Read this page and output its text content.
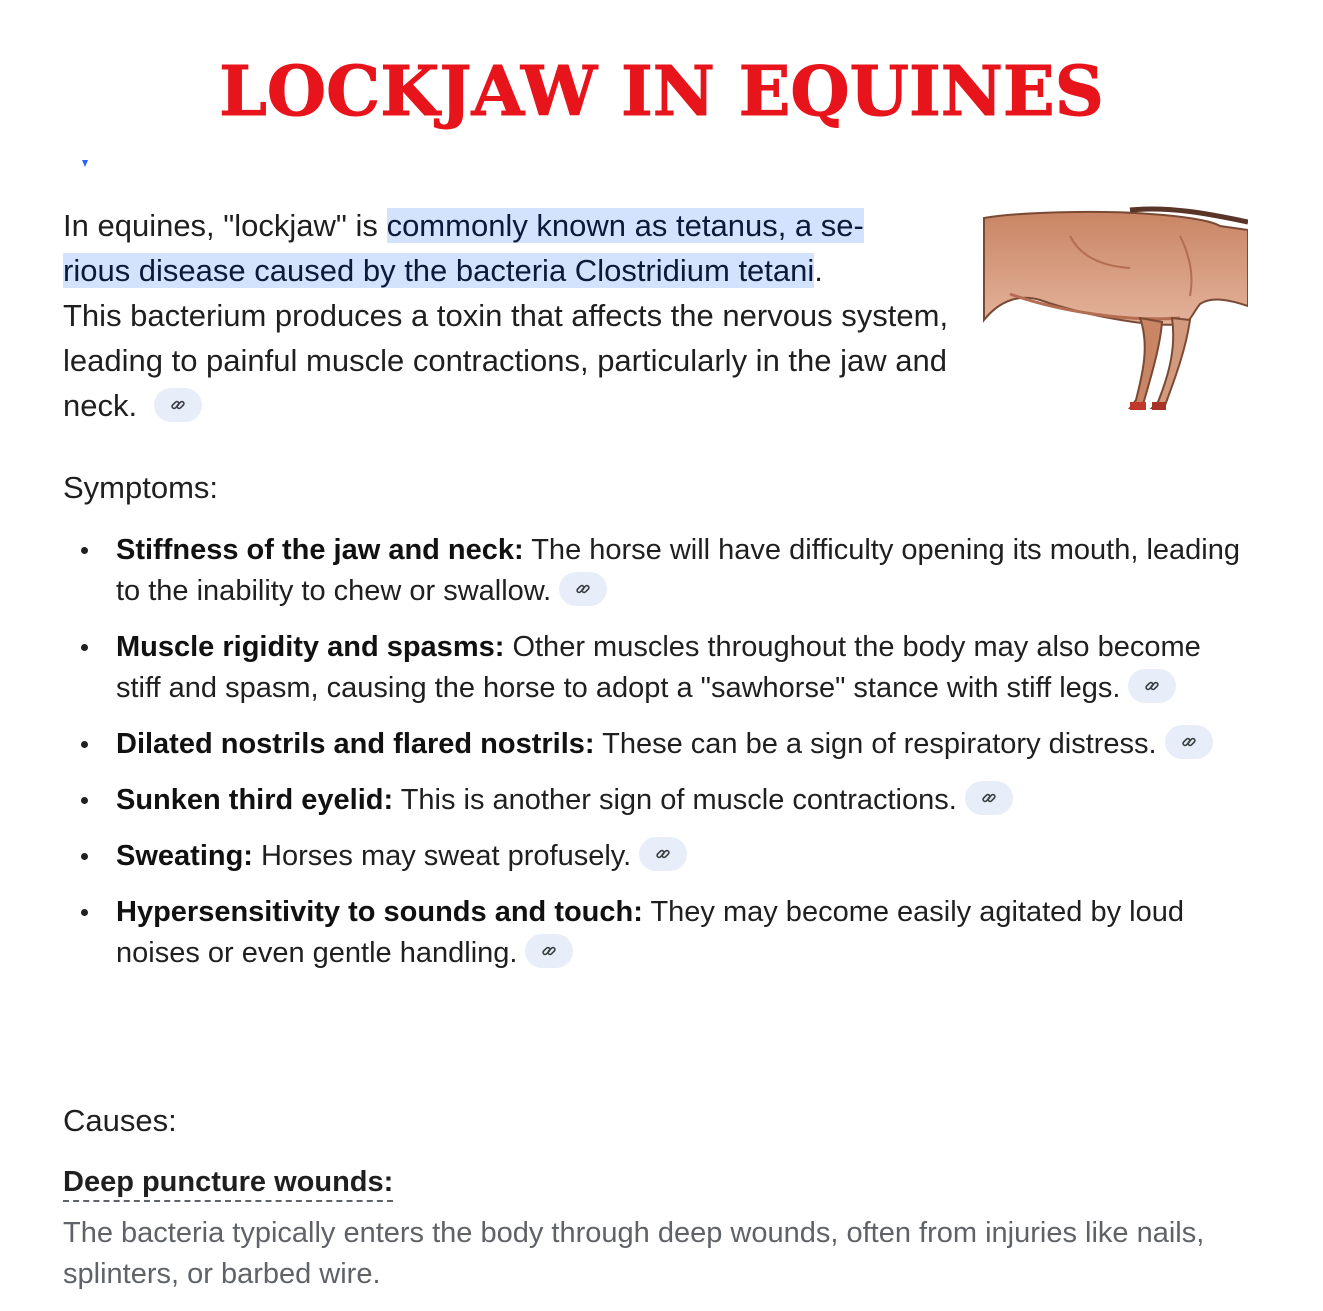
LOCKJAW IN EQUINES
In equines, "lockjaw" is commonly known as tetanus, a se-
rious disease caused by the bacteria Clostridium tetani.
This bacterium produces a toxin that affects the nervous system, leading to painful muscle contractions, particularly in the jaw and neck.
Symptoms:
Stiffness of the jaw and neck: The horse will have difficulty opening its mouth, leading to the inability to chew or swallow.
Muscle rigidity and spasms: Other muscles throughout the body may also become stiff and spasm, causing the horse to adopt a "sawhorse" stance with stiff legs.
Dilated nostrils and flared nostrils: These can be a sign of respiratory distress.
Sunken third eyelid: This is another sign of muscle contractions.
Sweating: Horses may sweat profusely.
Hypersensitivity to sounds and touch: They may become easily agitated by loud noises or even gentle handling.
Causes:
Deep puncture wounds:
The bacteria typically enters the body through deep wounds, often from injuries like nails, splinters, or barbed wire.
